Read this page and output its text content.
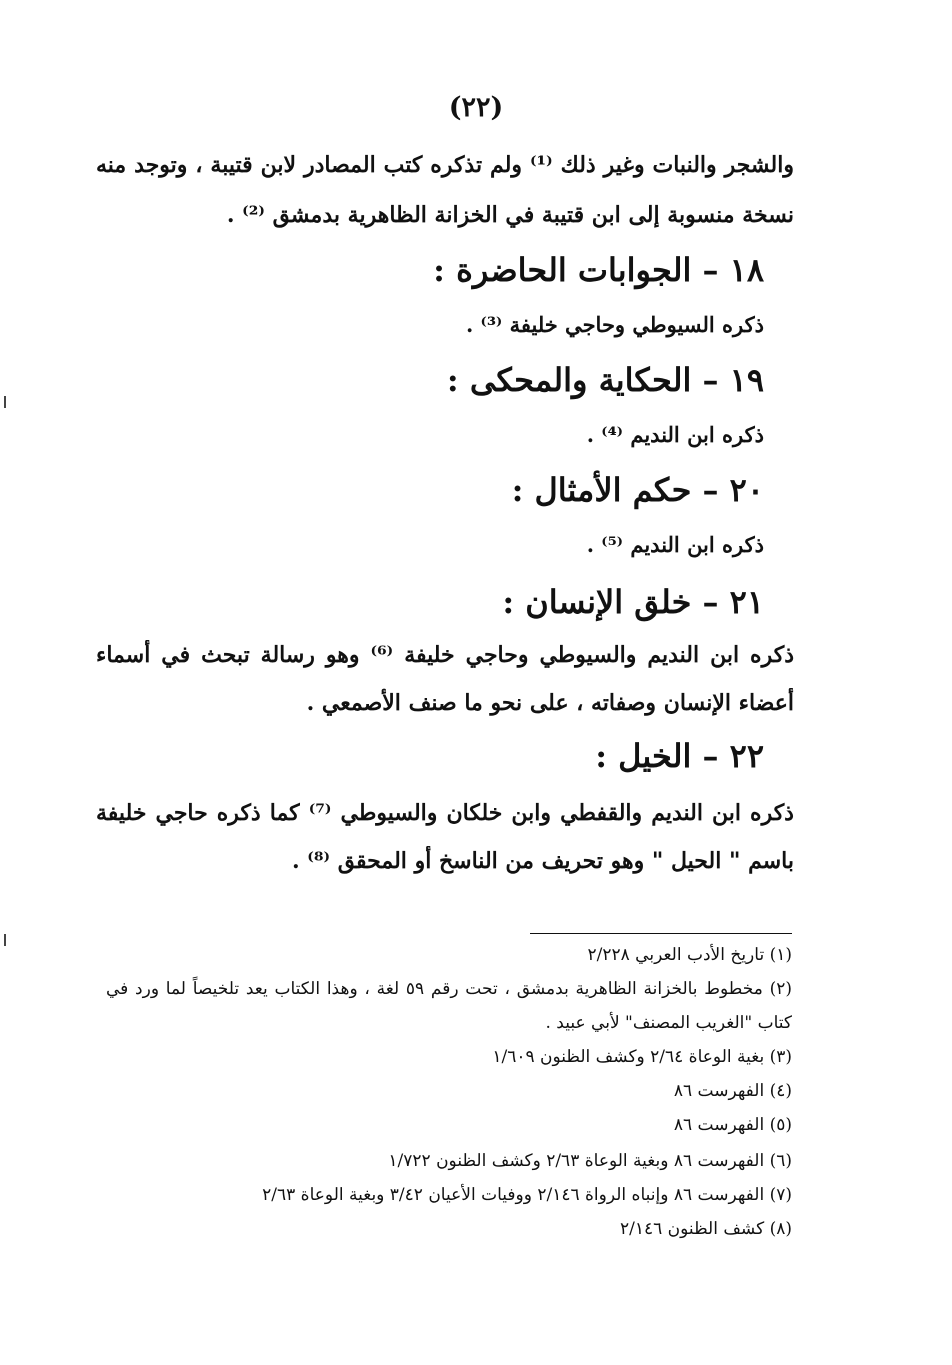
(٢٢)
والشجر والنبات وغير ذلك ⁽¹⁾ ولم تذكره كتب المصادر لابن قتيبة ، وتوجد منه
نسخة منسوبة إلى ابن قتيبة في الخزانة الظاهرية بدمشق ⁽²⁾ .
١٨ – الجوابات الحاضرة :
ذكره السيوطي وحاجي خليفة ⁽³⁾ .
١٩ – الحكاية والمحكى :
ذكره ابن النديم ⁽⁴⁾ .
٢٠ – حكم الأمثال :
ذكره ابن النديم ⁽⁵⁾ .
٢١ – خلق الإنسان :
ذكره ابن النديم والسيوطي وحاجي خليفة ⁽⁶⁾ وهو رسالة تبحث في أسماء
أعضاء الإنسان وصفاته ، على نحو ما صنف الأصمعي .
٢٢ – الخيل :
ذكره ابن النديم والقفطي وابن خلكان والسيوطي ⁽⁷⁾ كما ذكره حاجي خليفة
باسم " الحيل " وهو تحريف من الناسخ أو المحقق ⁽⁸⁾ .
(١) تاريخ الأدب العربي ٢/٢٢٨
(٢) مخطوط بالخزانة الظاهرية بدمشق ، تحت رقم ٥٩ لغة ، وهذا الكتاب يعد تلخيصاً لما ورد في
كتاب "الغريب المصنف" لأبي عبيد .
(٣) بغية الوعاة ٢/٦٤ وكشف الظنون ١/٦٠٩
(٤) الفهرست ٨٦
(٥) الفهرست ٨٦
(٦) الفهرست ٨٦ وبغية الوعاة ٢/٦٣ وكشف الظنون ١/٧٢٢
(٧) الفهرست ٨٦ وإنباه الرواة ٢/١٤٦ ووفيات الأعيان ٣/٤٢ وبغية الوعاة ٢/٦٣
(٨) كشف الظنون ٢/١٤٦
